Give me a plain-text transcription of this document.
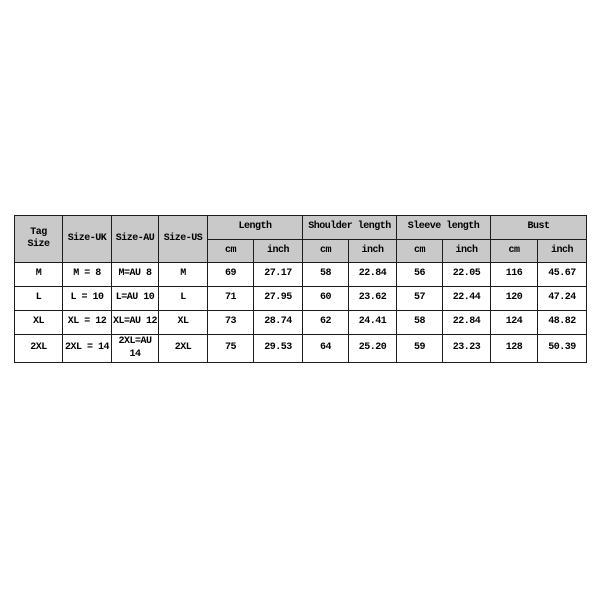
Tag Size	Size-UK	Size-AU	Size-US	Length		Shoulder length		Sleeve length		Bust	
				cm	inch	cm	inch	cm	inch	cm	inch
M	M = 8	M=AU 8	M	69	27.17	58	22.84	56	22.05	116	45.67
L	L = 10	L=AU 10	L	71	27.95	60	23.62	57	22.44	120	47.24
XL	XL = 12	XL=AU 12	XL	73	28.74	62	24.41	58	22.84	124	48.82
2XL	2XL = 14	2XL=AU 14	2XL	75	29.53	64	25.20	59	23.23	128	50.39
